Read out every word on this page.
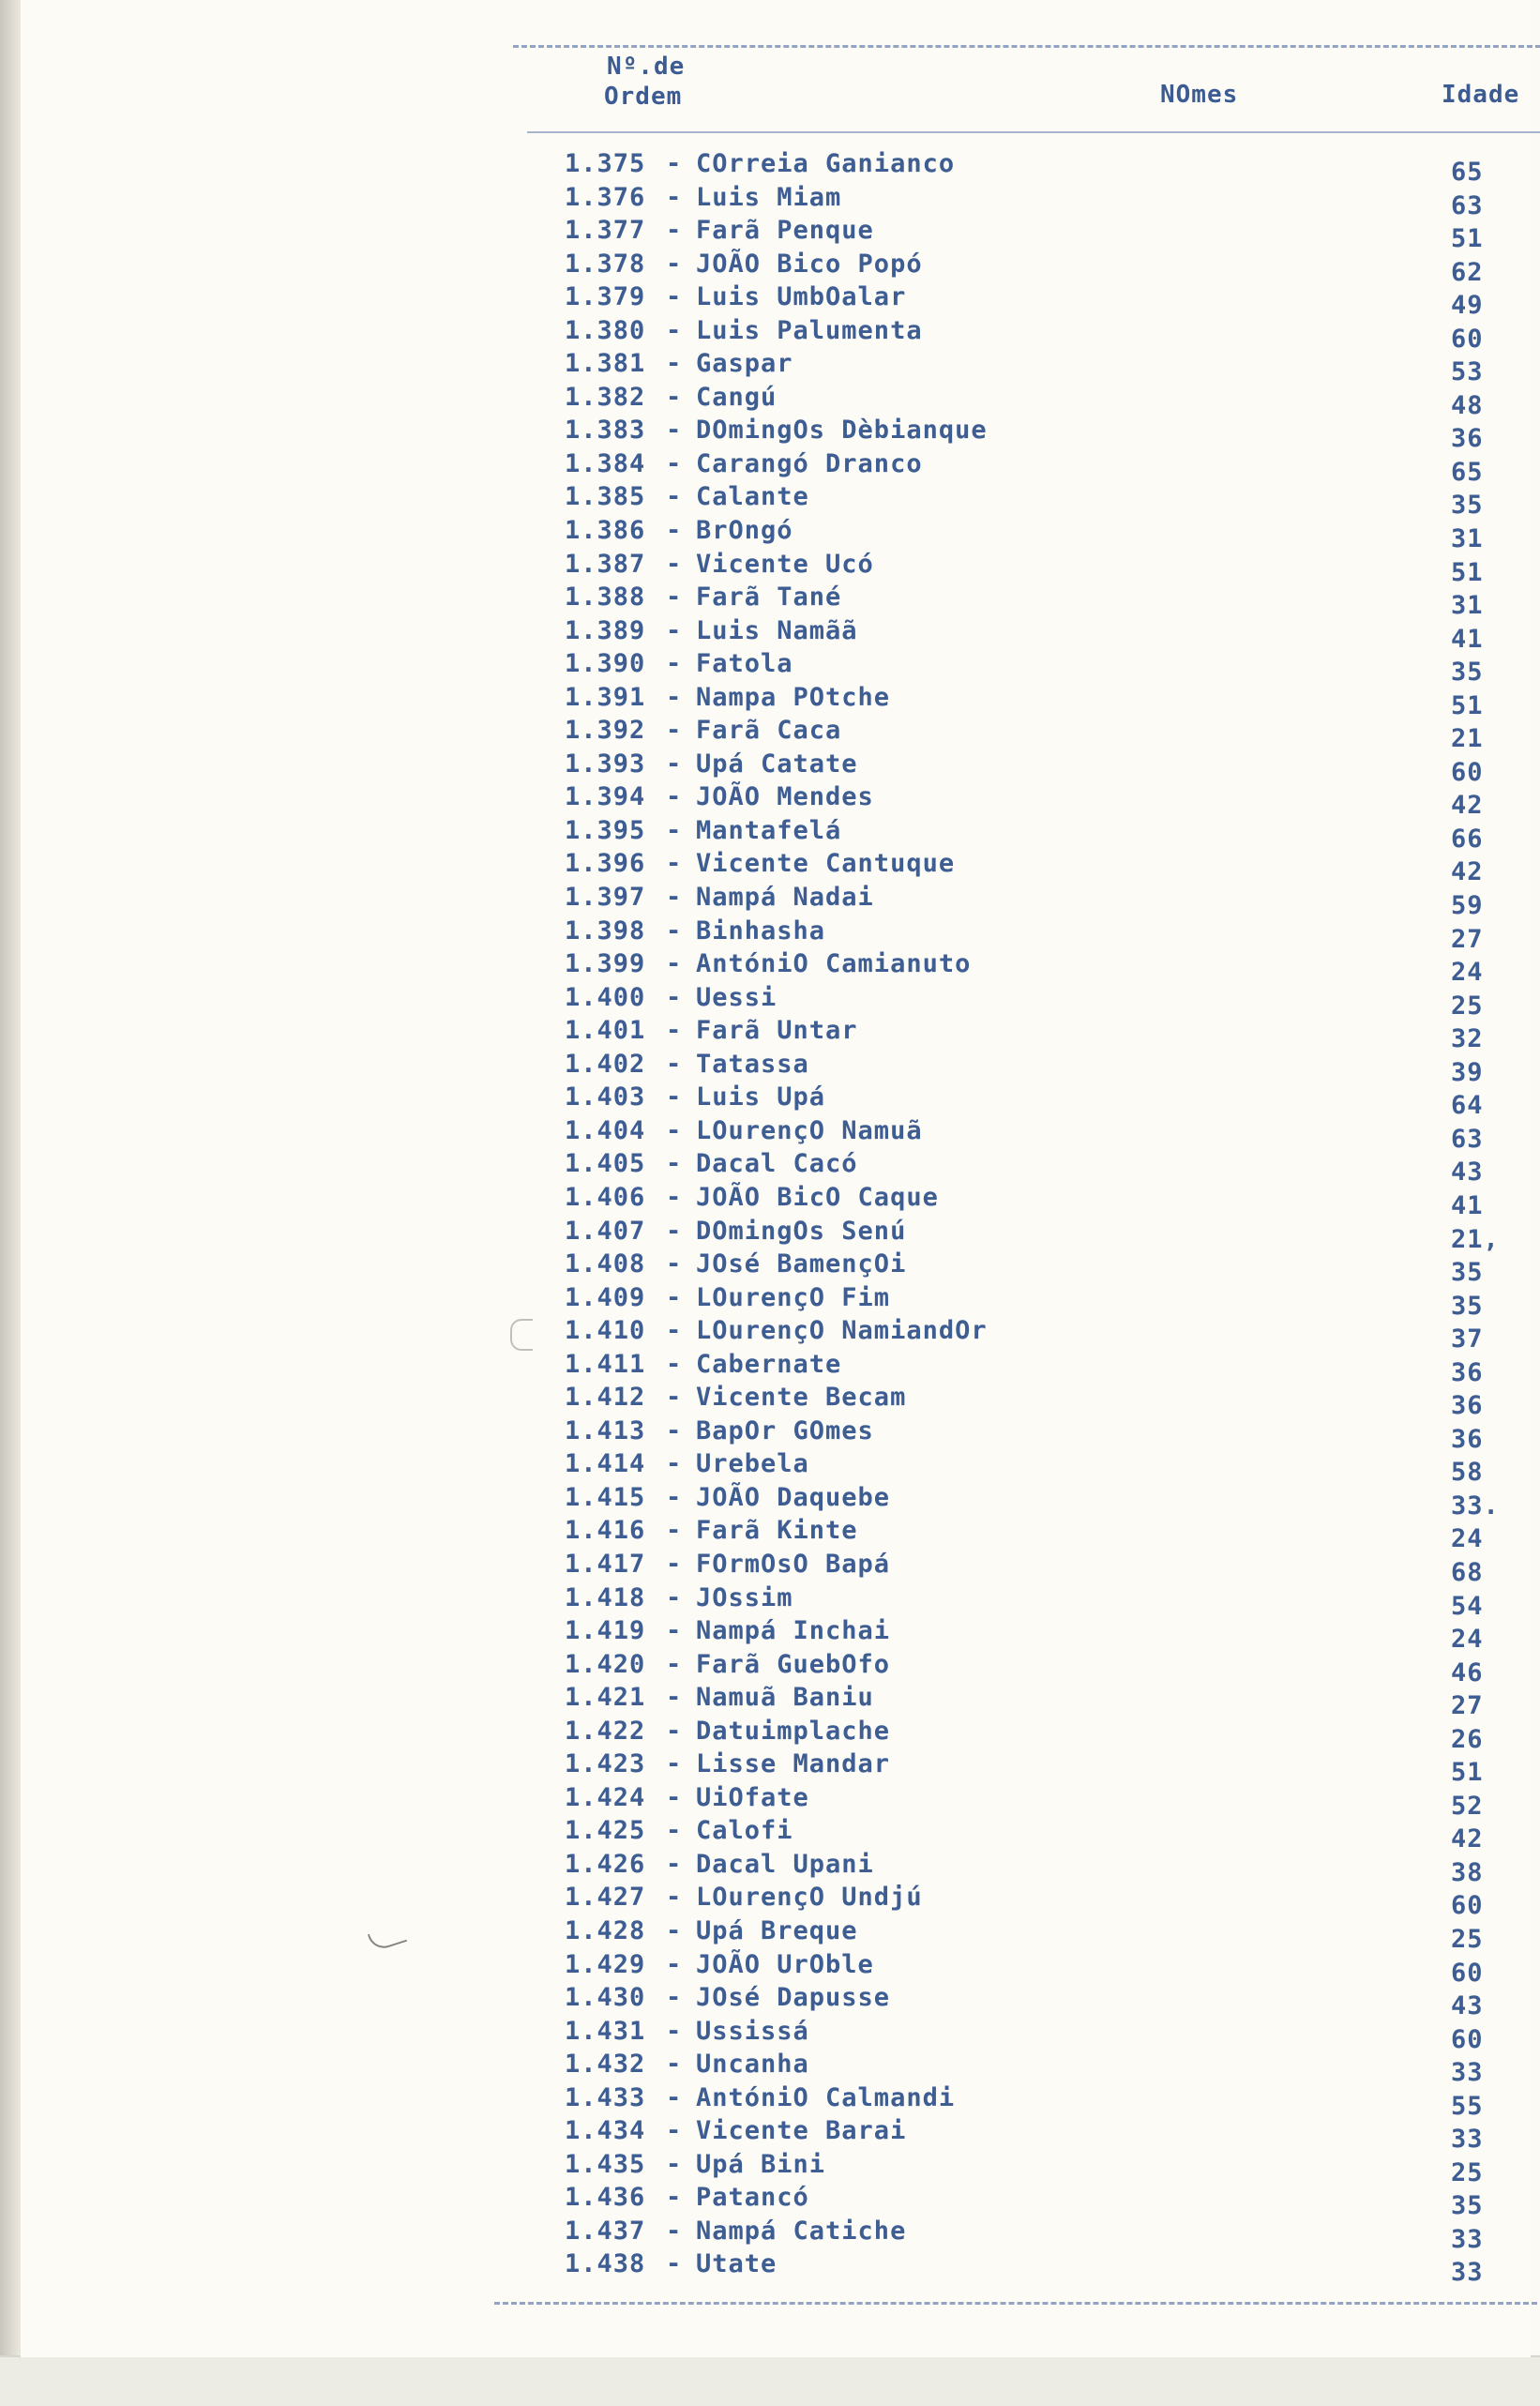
Nº.de
Ordem	NOmes	Idade
1.375 - COrreia Ganianco	65
1.376 - Luis Miam	63
1.377 - Farã Penque	51
1.378 - JOÃO Bico Popó	62
1.379 - Luis UmbOalar	49
1.380 - Luis Palumenta	60
1.381 - Gaspar	53
1.382 - Cangú	48
1.383 - DOmingOs Dèbianque	36
1.384 - Carangó Dranco	65
1.385 - Calante	35
1.386 - BrOngó	31
1.387 - Vicente Ucó	51
1.388 - Farã Tané	31
1.389 - Luis Namãã	41
1.390 - Fatola	35
1.391 - Nampa POtche	51
1.392 - Farã Caca	21
1.393 - Upá Catate	60
1.394 - JOÃO Mendes	42
1.395 - Mantafelá	66
1.396 - Vicente Cantuque	42
1.397 - Nampá Nadai	59
1.398 - Binhasha	27
1.399 - AntóniO Camianuto	24
1.400 - Uessi	25
1.401 - Farã Untar	32
1.402 - Tatassa	39
1.403 - Luis Upá	64
1.404 - LOurençO Namuã	63
1.405 - Dacal Cacó	43
1.406 - JOÃO BicO Caque	41
1.407 - DOmingOs Senú	21,
1.408 - JOsé BamençOi	35
1.409 - LOurençO Fim	35
1.410 - LOurençO NamiandOr	37
1.411 - Cabernate	36
1.412 - Vicente Becam	36
1.413 - BapOr GOmes	36
1.414 - Urebela	58
1.415 - JOÃO Daquebe	33.
1.416 - Farã Kinte	24
1.417 - FOrmOsO Bapá	68
1.418 - JOssim	54
1.419 - Nampá Inchai	24
1.420 - Farã GuebOfo	46
1.421 - Namuã Baniu	27
1.422 - Datuimplache	26
1.423 - Lisse Mandar	51
1.424 - UiOfate	52
1.425 - Calofi	42
1.426 - Dacal Upani	38
1.427 - LOurençO Undjú	60
1.428 - Upá Breque	25
1.429 - JOÃO UrOble	60
1.430 - JOsé Dapusse	43
1.431 - Ussissá	60
1.432 - Uncanha	33
1.433 - AntóniO Calmandi	55
1.434 - Vicente Barai	33
1.435 - Upá Bini	25
1.436 - Patancó	35
1.437 - Nampá Catiche	33
1.438 - Utate	33
